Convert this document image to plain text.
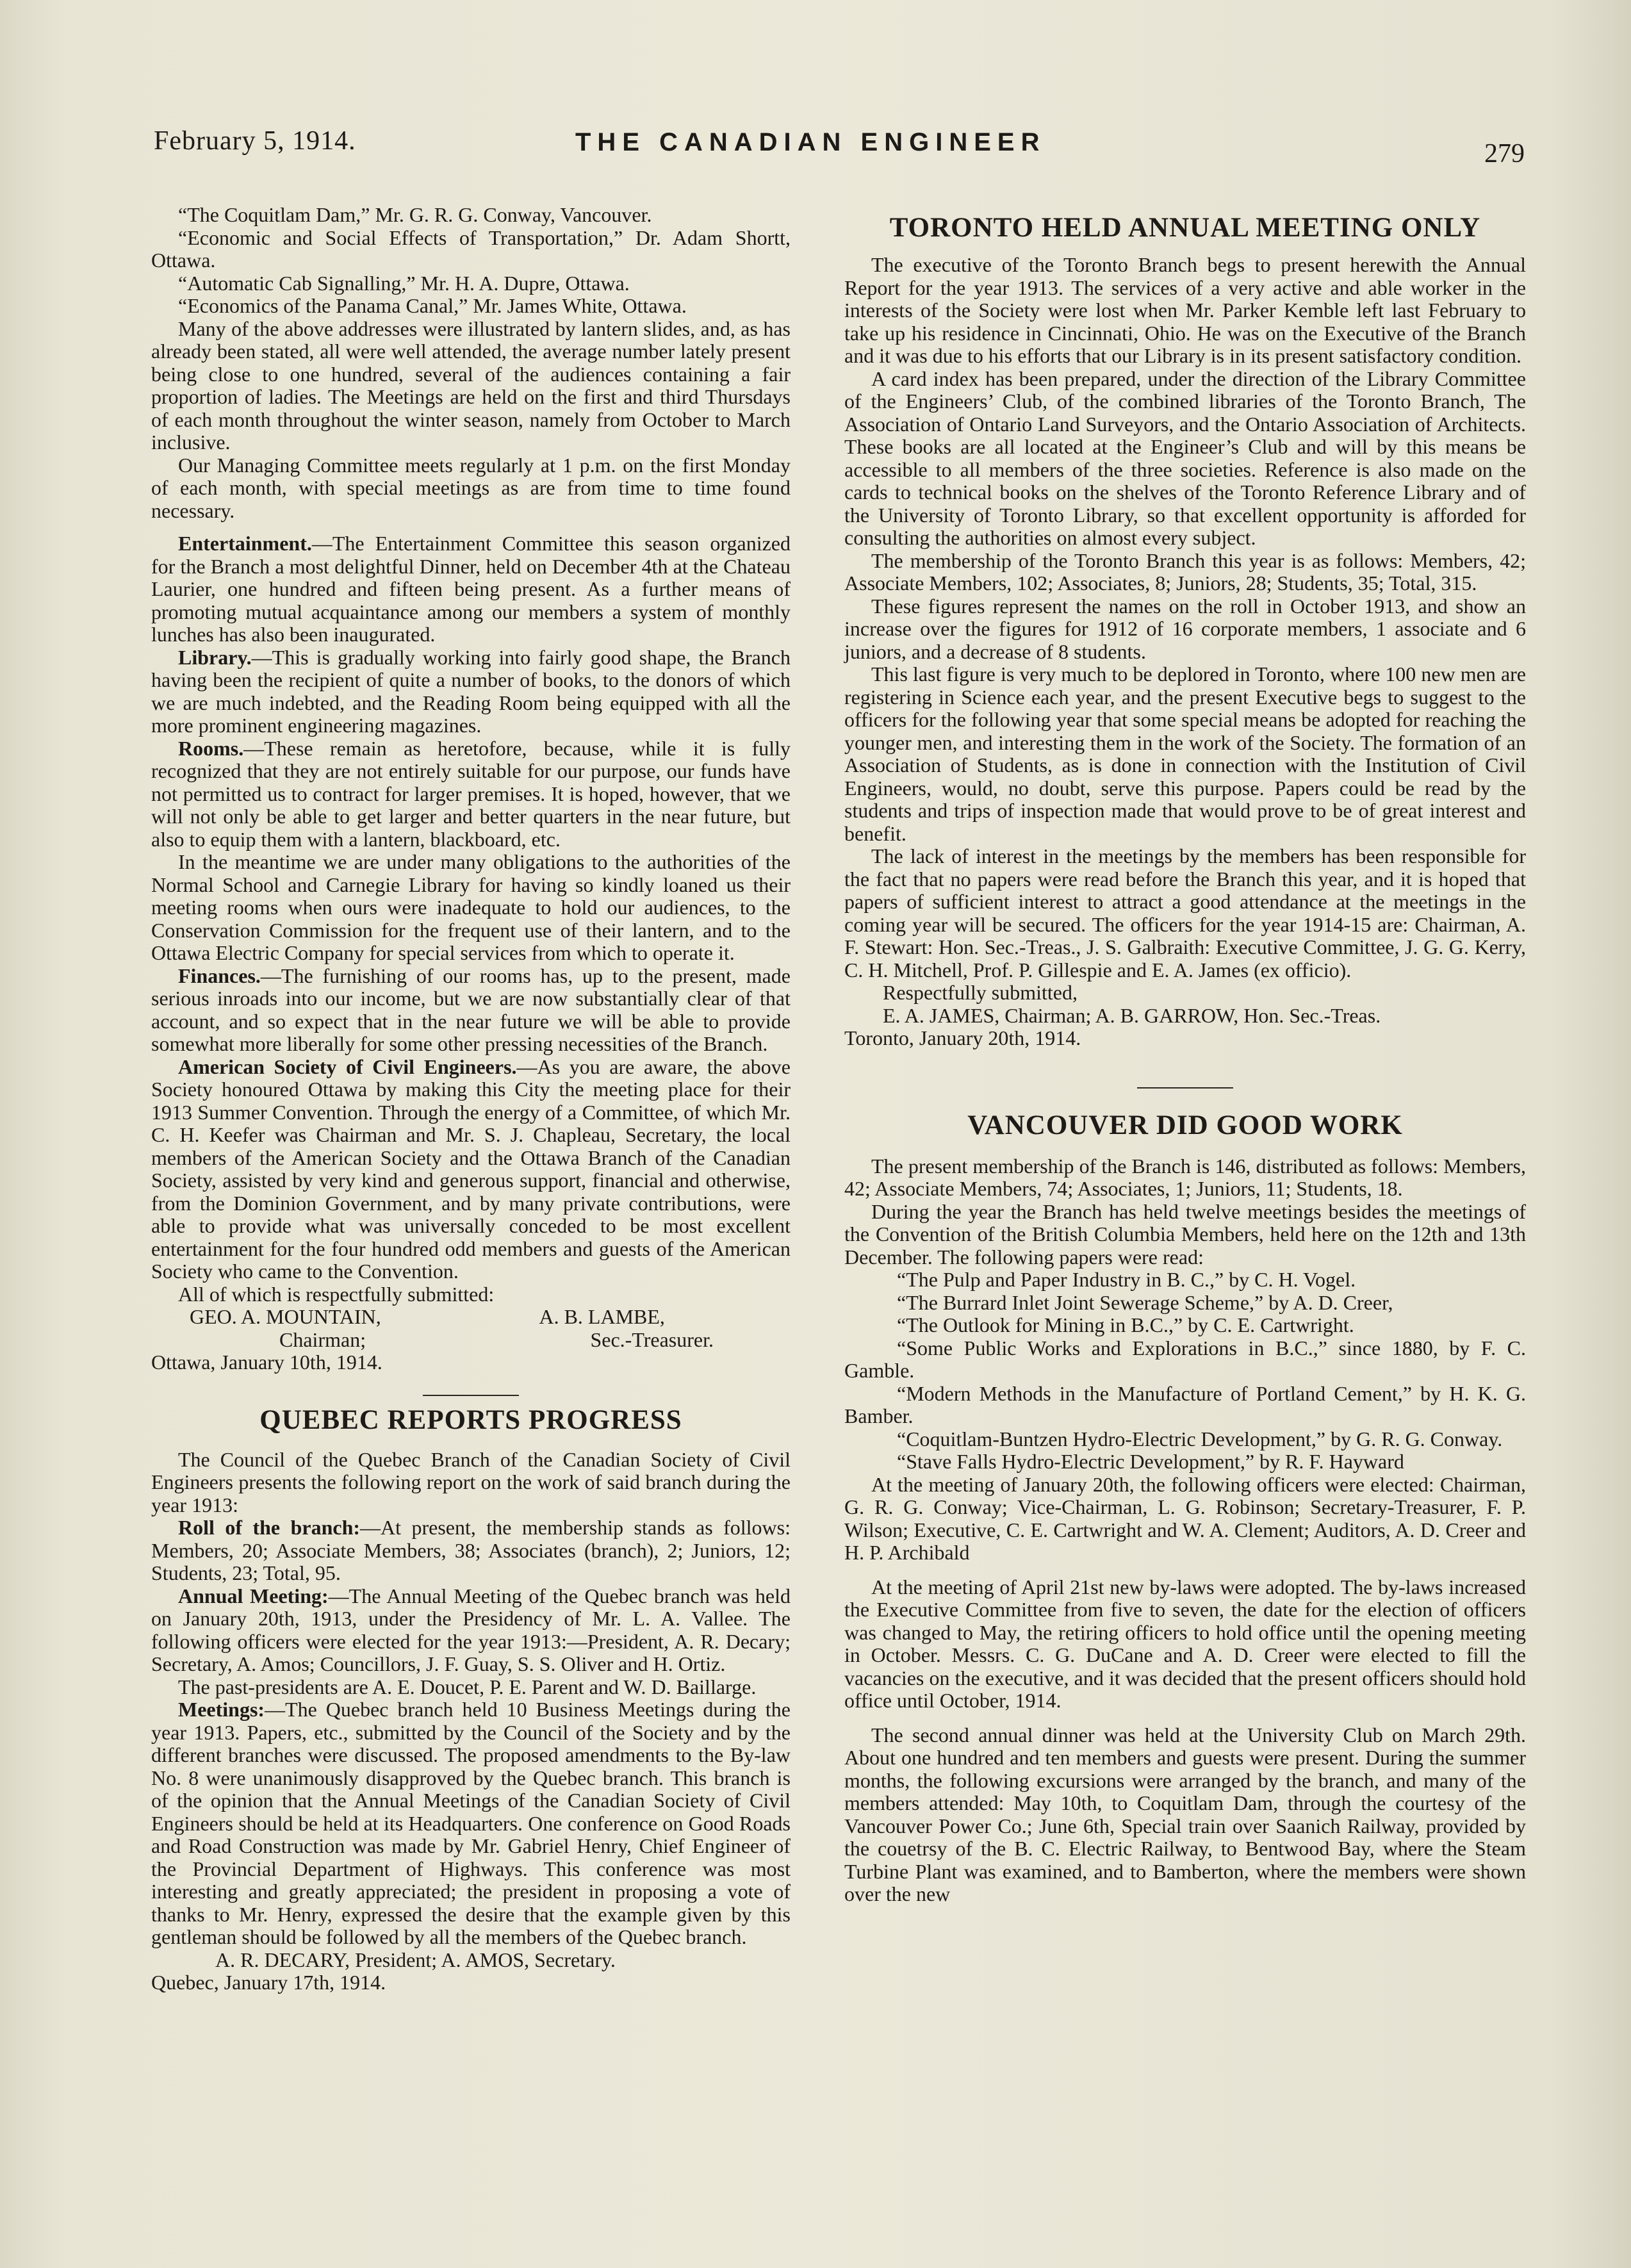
February 5, 1914.	THE CANADIAN ENGINEER	279

“The Coquitlam Dam,” Mr. G. R. G. Conway, Vancouver.

“Economic and Social Effects of Transportation,” Dr. Adam Shortt, Ottawa.

“Automatic Cab Signalling,” Mr. H. A. Dupre, Ottawa.

“Economics of the Panama Canal,” Mr. James White, Ottawa.

Many of the above addresses were illustrated by lantern slides, and, as has already been stated, all were well attended, the average number lately present being close to one hundred, several of the audiences containing a fair proportion of ladies. The Meetings are held on the first and third Thursdays of each month throughout the winter season, namely from October to March inclusive.

Our Managing Committee meets regularly at 1 p.m. on the first Monday of each month, with special meetings as are from time to time found necessary.

Entertainment.—The Entertainment Committee this season organized for the Branch a most delightful Dinner, held on December 4th at the Chateau Laurier, one hundred and fifteen being present. As a further means of promoting mutual acquaintance among our members a system of monthly lunches has also been inaugurated.

Library.—This is gradually working into fairly good shape, the Branch having been the recipient of quite a number of books, to the donors of which we are much indebted, and the Reading Room being equipped with all the more prominent engineering magazines.

Rooms.—These remain as heretofore, because, while it is fully recognized that they are not entirely suitable for our purpose, our funds have not permitted us to contract for larger premises. It is hoped, however, that we will not only be able to get larger and better quarters in the near future, but also to equip them with a lantern, blackboard, etc.

In the meantime we are under many obligations to the authorities of the Normal School and Carnegie Library for having so kindly loaned us their meeting rooms when ours were inadequate to hold our audiences, to the Conservation Commission for the frequent use of their lantern, and to the Ottawa Electric Company for special services from which to operate it.

Finances.—The furnishing of our rooms has, up to the present, made serious inroads into our income, but we are now substantially clear of that account, and so expect that in the near future we will be able to provide somewhat more liberally for some other pressing necessities of the Branch.

American Society of Civil Engineers.—As you are aware, the above Society honoured Ottawa by making this City the meeting place for their 1913 Summer Convention. Through the energy of a Committee, of which Mr. C. H. Keefer was Chairman and Mr. S. J. Chapleau, Secretary, the local members of the American Society and the Ottawa Branch of the Canadian Society, assisted by very kind and generous support, financial and otherwise, from the Dominion Government, and by many private contributions, were able to provide what was universally conceded to be most excellent entertainment for the four hundred odd members and guests of the American Society who came to the Convention.

All of which is respectfully submitted:

GEO. A. MOUNTAIN,
Chairman;
A. B. LAMBE,
Sec.-Treasurer.

Ottawa, January 10th, 1914.

QUEBEC REPORTS PROGRESS

The Council of the Quebec Branch of the Canadian Society of Civil Engineers presents the following report on the work of said branch during the year 1913:

Roll of the branch:—At present, the membership stands as follows: Members, 20; Associate Members, 38; Associates (branch), 2; Juniors, 12; Students, 23; Total, 95.

Annual Meeting:—The Annual Meeting of the Quebec branch was held on January 20th, 1913, under the Presidency of Mr. L. A. Vallee. The following officers were elected for the year 1913:—President, A. R. Decary; Secretary, A. Amos; Councillors, J. F. Guay, S. S. Oliver and H. Ortiz.

The past-presidents are A. E. Doucet, P. E. Parent and W. D. Baillarge.

Meetings:—The Quebec branch held 10 Business Meetings during the year 1913. Papers, etc., submitted by the Council of the Society and by the different branches were discussed. The proposed amendments to the By-law No. 8 were unanimously disapproved by the Quebec branch. This branch is of the opinion that the Annual Meetings of the Canadian Society of Civil Engineers should be held at its Headquarters. One conference on Good Roads and Road Construction was made by Mr. Gabriel Henry, Chief Engineer of the Provincial Department of Highways. This conference was most interesting and greatly appreciated; the president in proposing a vote of thanks to Mr. Henry, expressed the desire that the example given by this gentleman should be followed by all the members of the Quebec branch.

A. R. DECARY, President; A. AMOS, Secretary.

Quebec, January 17th, 1914.

TORONTO HELD ANNUAL MEETING ONLY

The executive of the Toronto Branch begs to present herewith the Annual Report for the year 1913. The services of a very active and able worker in the interests of the Society were lost when Mr. Parker Kemble left last February to take up his residence in Cincinnati, Ohio. He was on the Executive of the Branch and it was due to his efforts that our Library is in its present satisfactory condition.

A card index has been prepared, under the direction of the Library Committee of the Engineers’ Club, of the combined libraries of the Toronto Branch, The Association of Ontario Land Surveyors, and the Ontario Association of Architects. These books are all located at the Engineer’s Club and will by this means be accessible to all members of the three societies. Reference is also made on the cards to technical books on the shelves of the Toronto Reference Library and of the University of Toronto Library, so that excellent opportunity is afforded for consulting the authorities on almost every subject.

The membership of the Toronto Branch this year is as follows: Members, 42; Associate Members, 102; Associates, 8; Juniors, 28; Students, 35; Total, 315.

These figures represent the names on the roll in October 1913, and show an increase over the figures for 1912 of 16 corporate members, 1 associate and 6 juniors, and a decrease of 8 students.

This last figure is very much to be deplored in Toronto, where 100 new men are registering in Science each year, and the present Executive begs to suggest to the officers for the following year that some special means be adopted for reaching the younger men, and interesting them in the work of the Society. The formation of an Association of Students, as is done in connection with the Institution of Civil Engineers, would, no doubt, serve this purpose. Papers could be read by the students and trips of inspection made that would prove to be of great interest and benefit.

The lack of interest in the meetings by the members has been responsible for the fact that no papers were read before the Branch this year, and it is hoped that papers of sufficient interest to attract a good attendance at the meetings in the coming year will be secured. The officers for the year 1914-15 are: Chairman, A. F. Stewart: Hon. Sec.-Treas., J. S. Galbraith: Executive Committee, J. G. G. Kerry, C. H. Mitchell, Prof. P. Gillespie and E. A. James (ex officio).

Respectfully submitted,

E. A. JAMES, Chairman; A. B. GARROW, Hon. Sec.-Treas.

Toronto, January 20th, 1914.

VANCOUVER DID GOOD WORK

The present membership of the Branch is 146, distributed as follows: Members, 42; Associate Members, 74; Associates, 1; Juniors, 11; Students, 18.

During the year the Branch has held twelve meetings besides the meetings of the Convention of the British Columbia Members, held here on the 12th and 13th December. The following papers were read:

“The Pulp and Paper Industry in B. C.,” by C. H. Vogel.

“The Burrard Inlet Joint Sewerage Scheme,” by A. D. Creer,

“The Outlook for Mining in B.C.,” by C. E. Cartwright.

“Some Public Works and Explorations in B.C.,” since 1880, by F. C. Gamble.

“Modern Methods in the Manufacture of Portland Cement,” by H. K. G. Bamber.

“Coquitlam-Buntzen Hydro-Electric Development,” by G. R. G. Conway.

“Stave Falls Hydro-Electric Development,” by R. F. Hayward

At the meeting of January 20th, the following officers were elected: Chairman, G. R. G. Conway; Vice-Chairman, L. G. Robinson; Secretary-Treasurer, F. P. Wilson; Executive, C. E. Cartwright and W. A. Clement; Auditors, A. D. Creer and H. P. Archibald

At the meeting of April 21st new by-laws were adopted. The by-laws increased the Executive Committee from five to seven, the date for the election of officers was changed to May, the retiring officers to hold office until the opening meeting in October. Messrs. C. G. DuCane and A. D. Creer were elected to fill the vacancies on the executive, and it was decided that the present officers should hold office until October, 1914.

The second annual dinner was held at the University Club on March 29th. About one hundred and ten members and guests were present. During the summer months, the following excursions were arranged by the branch, and many of the members attended: May 10th, to Coquitlam Dam, through the courtesy of the Vancouver Power Co.; June 6th, Special train over Saanich Railway, provided by the couetrsy of the B. C. Electric Railway, to Bentwood Bay, where the Steam Turbine Plant was examined, and to Bamberton, where the members were shown over the new
